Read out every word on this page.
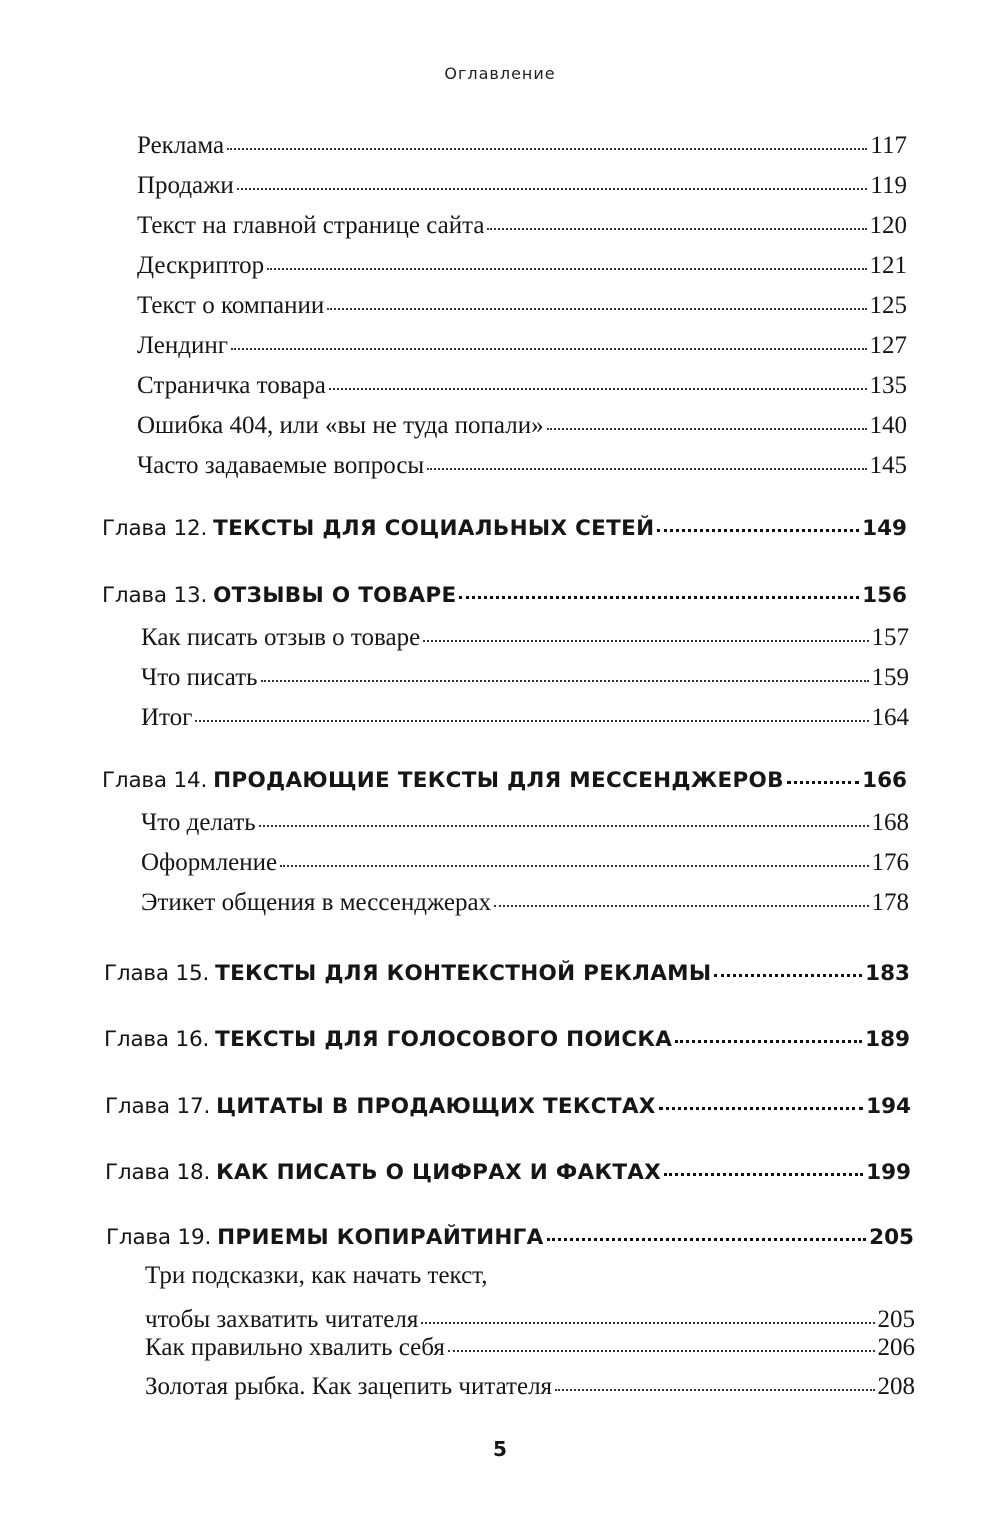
Оглавление
Реклама	117
Продажи	119
Текст на главной странице сайта	120
Дескриптор	121
Текст о компании	125
Лендинг	127
Страничка товара	135
Ошибка 404, или «вы не туда попали»	140
Часто задаваемые вопросы	145
Глава 12. ТЕКСТЫ ДЛЯ СОЦИАЛЬНЫХ СЕТЕЙ	149
Глава 13. ОТЗЫВЫ О ТОВАРЕ	156
Как писать отзыв о товаре	157
Что писать	159
Итог	164
Глава 14. ПРОДАЮЩИЕ ТЕКСТЫ ДЛЯ МЕССЕНДЖЕРОВ	166
Что делать	168
Оформление	176
Этикет общения в мессенджерах	178
Глава 15. ТЕКСТЫ ДЛЯ КОНТЕКСТНОЙ РЕКЛАМЫ	183
Глава 16. ТЕКСТЫ ДЛЯ ГОЛОСОВОГО ПОИСКА	189
Глава 17. ЦИТАТЫ В ПРОДАЮЩИХ ТЕКСТАХ	194
Глава 18. КАК ПИСАТЬ О ЦИФРАХ И ФАКТАХ	199
Глава 19. ПРИЕМЫ КОПИРАЙТИНГА	205
Три подсказки, как начать текст,
чтобы захватить читателя	205
Как правильно хвалить себя	206
Золотая рыбка. Как зацепить читателя	208
5
